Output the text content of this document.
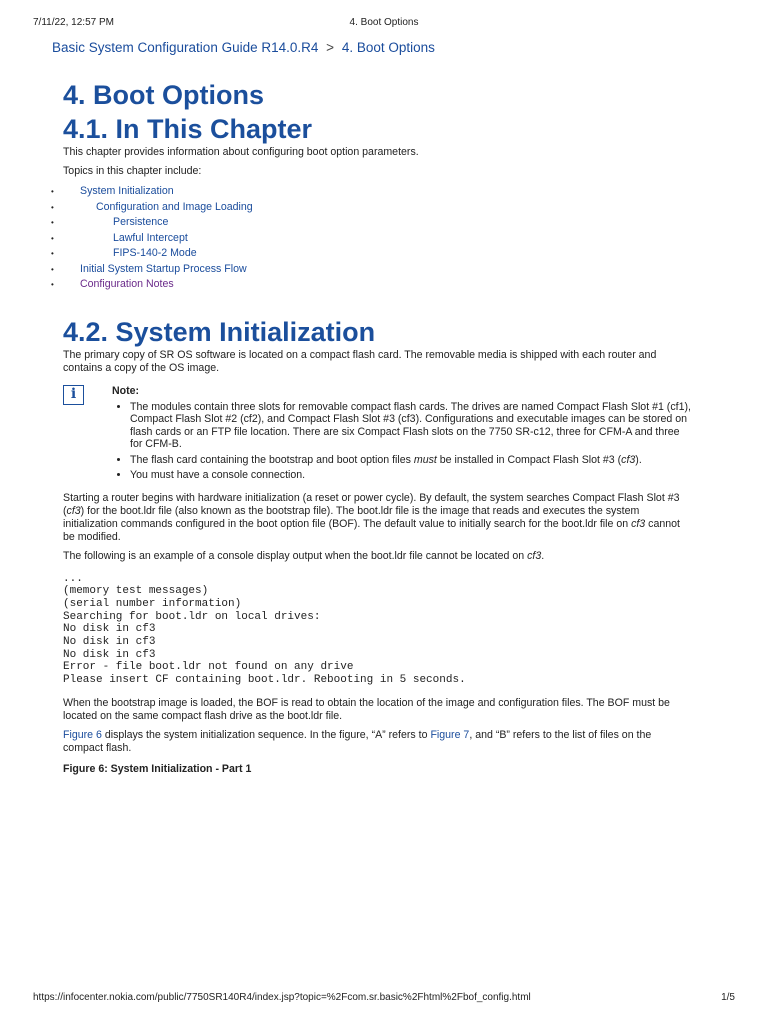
7/11/22, 12:57 PM	4. Boot Options
Basic System Configuration Guide R14.0.R4 > 4. Boot Options
4. Boot Options
4.1. In This Chapter

This chapter provides information about configuring boot option parameters.

Topics in this chapter include:

• System Initialization
• Configuration and Image Loading
• Persistence
• Lawful Intercept
• FIPS-140-2 Mode
• Initial System Startup Process Flow
• Configuration Notes
4.2. System Initialization

The primary copy of SR OS software is located on a compact flash card. The removable media is shipped with each router and contains a copy of the OS image.

i	Note:
• The modules contain three slots for removable compact flash cards. The drives are named Compact Flash Slot #1 (cf1), Compact Flash Slot #2 (cf2), and Compact Flash Slot #3 (cf3). Configurations and executable images can be stored on flash cards or an FTP file location. There are six Compact Flash slots on the 7750 SR-c12, three for CFM-A and three for CFM-B.
• The flash card containing the bootstrap and boot option files must be installed in Compact Flash Slot #3 (cf3).
• You must have a console connection.

Starting a router begins with hardware initialization (a reset or power cycle). By default, the system searches Compact Flash Slot #3 (cf3) for the boot.ldr file (also known as the bootstrap file). The boot.ldr file is the image that reads and executes the system initialization commands configured in the boot option file (BOF). The default value to initially search for the boot.ldr file on cf3 cannot be modified.

The following is an example of a console display output when the boot.ldr file cannot be located on cf3.

...
(memory test messages)
(serial number information)
Searching for boot.ldr on local drives:
No disk in cf3
No disk in cf3
No disk in cf3
Error - file boot.ldr not found on any drive
Please insert CF containing boot.ldr. Rebooting in 5 seconds.

When the bootstrap image is loaded, the BOF is read to obtain the location of the image and configuration files. The BOF must be located on the same compact flash drive as the boot.ldr file.

Figure 6 displays the system initialization sequence. In the figure, “A” refers to Figure 7, and “B” refers to the list of files on the compact flash.

Figure 6: System Initialization - Part 1
https://infocenter.nokia.com/public/7750SR140R4/index.jsp?topic=%2Fcom.sr.basic%2Fhtml%2Fbof_config.html	1/5
